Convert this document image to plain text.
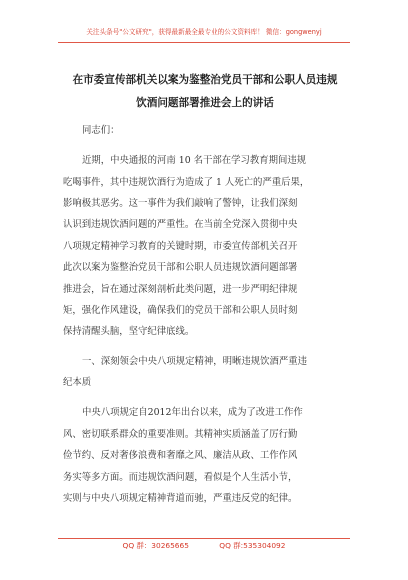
关注头条号"公文研究"，获得最新最全最专业的公文资料库！ 微信：gongwenyj
在市委宣传部机关以案为鉴整治党员干部和公职人员违规
饮酒问题部署推进会上的讲话
同志们：
近期，中央通报的河南 10 名干部在学习教育期间违规
吃喝事件，其中违规饮酒行为造成了 1 人死亡的严重后果，
影响极其恶劣。这一事件为我们敲响了警钟，让我们深刻
认识到违规饮酒问题的严重性。在当前全党深入贯彻中央
八项规定精神学习教育的关键时期，市委宣传部机关召开
此次以案为鉴整治党员干部和公职人员违规饮酒问题部署
推进会，旨在通过深刻剖析此类问题，进一步严明纪律规
矩，强化作风建设，确保我们的党员干部和公职人员时刻
保持清醒头脑，坚守纪律底线。
一、深刻领会中央八项规定精神，明晰违规饮酒严重违
纪本质
中央八项规定自2012年出台以来，成为了改进工作作
风、密切联系群众的重要准则。其精神实质涵盖了厉行勤
俭节约、反对奢侈浪费和奢靡之风、廉洁从政、工作作风
务实等多方面。而违规饮酒问题，看似是个人生活小节，
实则与中央八项规定精神背道而驰，严重违反党的纪律。
QQ 群：30265665	QQ 群:535304092
